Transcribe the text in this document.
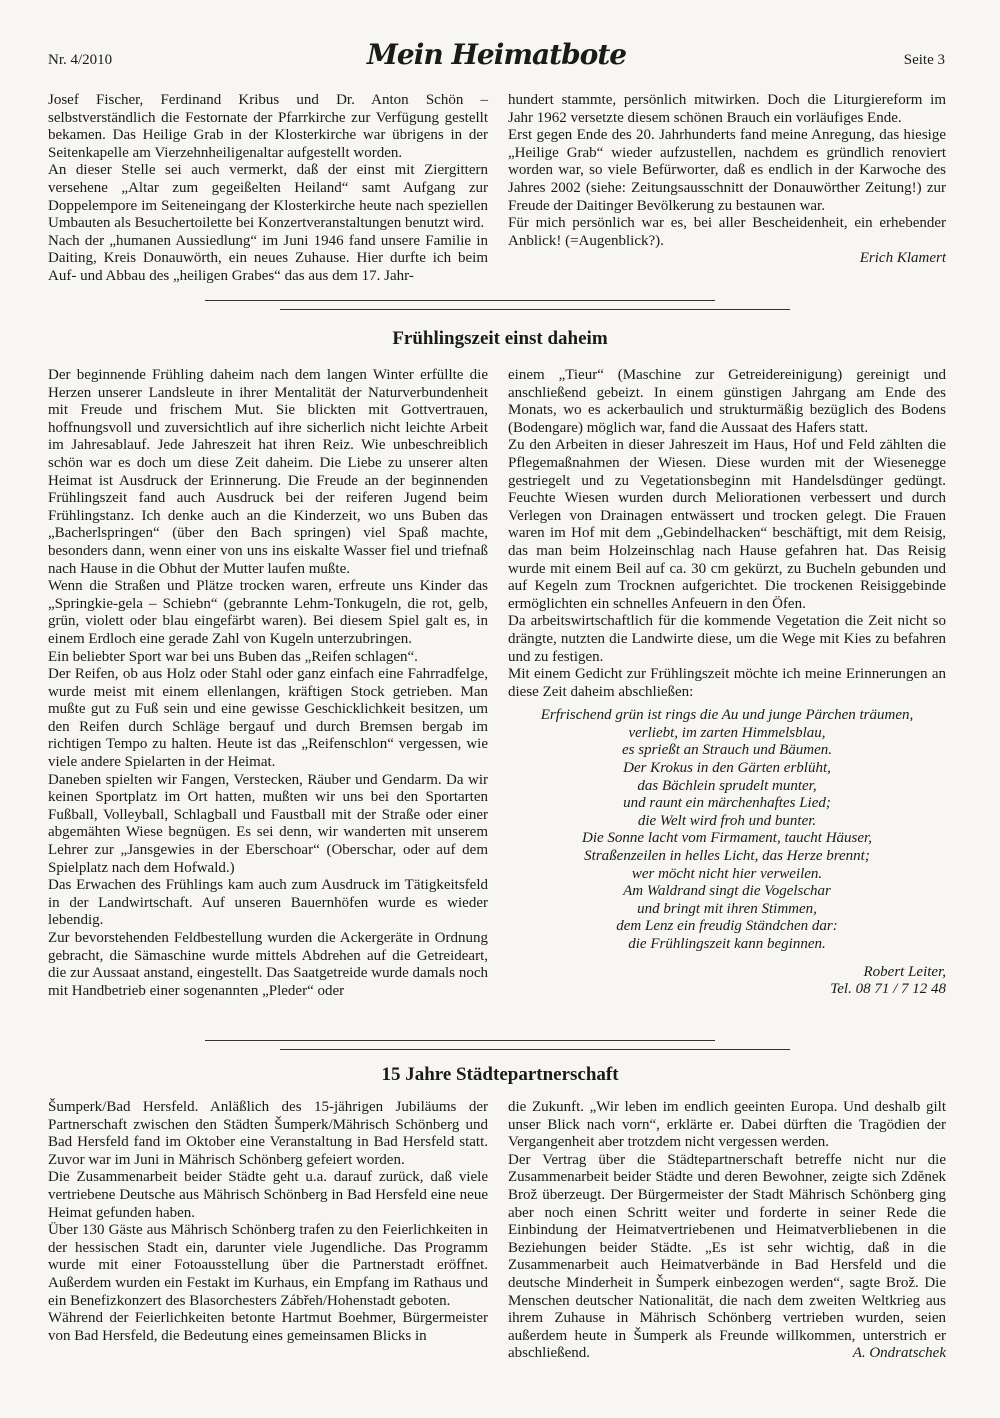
Nr. 4/2010	Mein Heimatbote	Seite 3

Josef Fischer, Ferdinand Kribus und Dr. Anton Schön – selbstverständlich die Festornate der Pfarrkirche zur Verfügung gestellt bekamen. Das Heilige Grab in der Klosterkirche war übrigens in der Seitenkapelle am Vierzehnheiligenaltar aufgestellt worden.

An dieser Stelle sei auch vermerkt, daß der einst mit Ziergittern versehene „Altar zum gegeißelten Heiland“ samt Aufgang zur Doppelempore im Seiteneingang der Klosterkirche heute nach speziellen Umbauten als Besuchertoilette bei Konzertveranstaltungen benutzt wird.

Nach der „humanen Aussiedlung“ im Juni 1946 fand unsere Familie in Daiting, Kreis Donauwörth, ein neues Zuhause. Hier durfte ich beim Auf- und Abbau des „heiligen Grabes“ das aus dem 17. Jahr-

hundert stammte, persönlich mitwirken. Doch die Liturgiereform im Jahr 1962 versetzte diesem schönen Brauch ein vorläufiges Ende.

Erst gegen Ende des 20. Jahrhunderts fand meine Anregung, das hiesige „Heilige Grab“ wieder aufzustellen, nachdem es gründlich renoviert worden war, so viele Befürworter, daß es endlich in der Karwoche des Jahres 2002 (siehe: Zeitungsausschnitt der Donauwörther Zeitung!) zur Freude der Daitinger Bevölkerung zu bestaunen war.

Für mich persönlich war es, bei aller Bescheidenheit, ein erhebender Anblick! (=Augenblick?).

Erich Klamert

Frühlingszeit einst daheim

Der beginnende Frühling daheim nach dem langen Winter erfüllte die Herzen unserer Landsleute in ihrer Mentalität der Naturverbundenheit mit Freude und frischem Mut. Sie blickten mit Gottvertrauen, hoffnungsvoll und zuversichtlich auf ihre sicherlich nicht leichte Arbeit im Jahresablauf. Jede Jahreszeit hat ihren Reiz. Wie unbeschreiblich schön war es doch um diese Zeit daheim. Die Liebe zu unserer alten Heimat ist Ausdruck der Erinnerung. Die Freude an der beginnenden Frühlingszeit fand auch Ausdruck bei der reiferen Jugend beim Frühlingstanz. Ich denke auch an die Kinderzeit, wo uns Buben das „Bacherlspringen“ (über den Bach springen) viel Spaß machte, besonders dann, wenn einer von uns ins eiskalte Wasser fiel und triefnaß nach Hause in die Obhut der Mutter laufen mußte.

Wenn die Straßen und Plätze trocken waren, erfreute uns Kinder das „Springkie-gela – Schiebn“ (gebrannte Lehm-Tonkugeln, die rot, gelb, grün, violett oder blau eingefärbt waren). Bei diesem Spiel galt es, in einem Erdloch eine gerade Zahl von Kugeln unterzubringen.

Ein beliebter Sport war bei uns Buben das „Reifen schlagen“.

Der Reifen, ob aus Holz oder Stahl oder ganz einfach eine Fahrradfelge, wurde meist mit einem ellenlangen, kräftigen Stock getrieben. Man mußte gut zu Fuß sein und eine gewisse Geschicklichkeit besitzen, um den Reifen durch Schläge bergauf und durch Bremsen bergab im richtigen Tempo zu halten. Heute ist das „Reifenschlon“ vergessen, wie viele andere Spielarten in der Heimat.

Daneben spielten wir Fangen, Verstecken, Räuber und Gendarm. Da wir keinen Sportplatz im Ort hatten, mußten wir uns bei den Sportarten Fußball, Volleyball, Schlagball und Faustball mit der Straße oder einer abgemähten Wiese begnügen. Es sei denn, wir wanderten mit unserem Lehrer zur „Jansgewies in der Eberschoar“ (Oberschar, oder auf dem Spielplatz nach dem Hofwald.)

Das Erwachen des Frühlings kam auch zum Ausdruck im Tätigkeitsfeld in der Landwirtschaft. Auf unseren Bauernhöfen wurde es wieder lebendig.

Zur bevorstehenden Feldbestellung wurden die Ackergeräte in Ordnung gebracht, die Sämaschine wurde mittels Abdrehen auf die Getreideart, die zur Aussaat anstand, eingestellt. Das Saatgetreide wurde damals noch mit Handbetrieb einer sogenannten „Pleder“ oder

einem „Tieur“ (Maschine zur Getreidereinigung) gereinigt und anschließend gebeizt. In einem günstigen Jahrgang am Ende des Monats, wo es ackerbaulich und strukturmäßig bezüglich des Bodens (Bodengare) möglich war, fand die Aussaat des Hafers statt.

Zu den Arbeiten in dieser Jahreszeit im Haus, Hof und Feld zählten die Pflegemaßnahmen der Wiesen. Diese wurden mit der Wiesenegge gestriegelt und zu Vegetationsbeginn mit Handelsdünger gedüngt. Feuchte Wiesen wurden durch Meliorationen verbessert und durch Verlegen von Drainagen entwässert und trocken gelegt. Die Frauen waren im Hof mit dem „Gebindelhacken“ beschäftigt, mit dem Reisig, das man beim Holzeinschlag nach Hause gefahren hat. Das Reisig wurde mit einem Beil auf ca. 30 cm gekürzt, zu Bucheln gebunden und auf Kegeln zum Trocknen aufgerichtet. Die trockenen Reisiggebinde ermöglichten ein schnelles Anfeuern in den Öfen.

Da arbeitswirtschaftlich für die kommende Vegetation die Zeit nicht so drängte, nutzten die Landwirte diese, um die Wege mit Kies zu befahren und zu festigen.

Mit einem Gedicht zur Frühlingszeit möchte ich meine Erinnerungen an diese Zeit daheim abschließen:

Erfrischend grün ist rings die Au und junge Pärchen träumen,
verliebt, im zarten Himmelsblau,
es sprießt an Strauch und Bäumen.
Der Krokus in den Gärten erblüht,
das Bächlein sprudelt munter,
und raunt ein märchenhaftes Lied;
die Welt wird froh und bunter.
Die Sonne lacht vom Firmament, taucht Häuser,
Straßenzeilen in helles Licht, das Herze brennt;
wer möcht nicht hier verweilen.
Am Waldrand singt die Vogelschar
und bringt mit ihren Stimmen,
dem Lenz ein freudig Ständchen dar:
die Frühlingszeit kann beginnen.

Robert Leiter,

Tel. 08 71 / 7 12 48

15 Jahre Städtepartnerschaft

Šumperk/Bad Hersfeld. Anläßlich des 15-jährigen Jubiläums der Partnerschaft zwischen den Städten Šumperk/Mährisch Schönberg und Bad Hersfeld fand im Oktober eine Veranstaltung in Bad Hersfeld statt. Zuvor war im Juni in Mährisch Schönberg gefeiert worden.

Die Zusammenarbeit beider Städte geht u.a. darauf zurück, daß viele vertriebene Deutsche aus Mährisch Schönberg in Bad Hersfeld eine neue Heimat gefunden haben.

Über 130 Gäste aus Mährisch Schönberg trafen zu den Feierlichkeiten in der hessischen Stadt ein, darunter viele Jugendliche. Das Programm wurde mit einer Fotoausstellung über die Partnerstadt eröffnet. Außerdem wurden ein Festakt im Kurhaus, ein Empfang im Rathaus und ein Benefizkonzert des Blasorchesters Zábřeh/Hohenstadt geboten.

Während der Feierlichkeiten betonte Hartmut Boehmer, Bürgermeister von Bad Hersfeld, die Bedeutung eines gemeinsamen Blicks in

die Zukunft. „Wir leben im endlich geeinten Europa. Und deshalb gilt unser Blick nach vorn“, erklärte er. Dabei dürften die Tragödien der Vergangenheit aber trotzdem nicht vergessen werden.

Der Vertrag über die Städtepartnerschaft betreffe nicht nur die Zusammenarbeit beider Städte und deren Bewohner, zeigte sich Zdĕnek Brož überzeugt. Der Bürgermeister der Stadt Mährisch Schönberg ging aber noch einen Schritt weiter und forderte in seiner Rede die Einbindung der Heimatvertriebenen und Heimatverbliebenen in die Beziehungen beider Städte. „Es ist sehr wichtig, daß in die Zusammenarbeit auch Heimatverbände in Bad Hersfeld und die deutsche Minderheit in Šumperk einbezogen werden“, sagte Brož. Die Menschen deutscher Nationalität, die nach dem zweiten Weltkrieg aus ihrem Zuhause in Mährisch Schönberg vertrieben wurden, seien außerdem heute in Šumperk als Freunde willkommen, unterstrich er abschließend.	A. Ondratschek
